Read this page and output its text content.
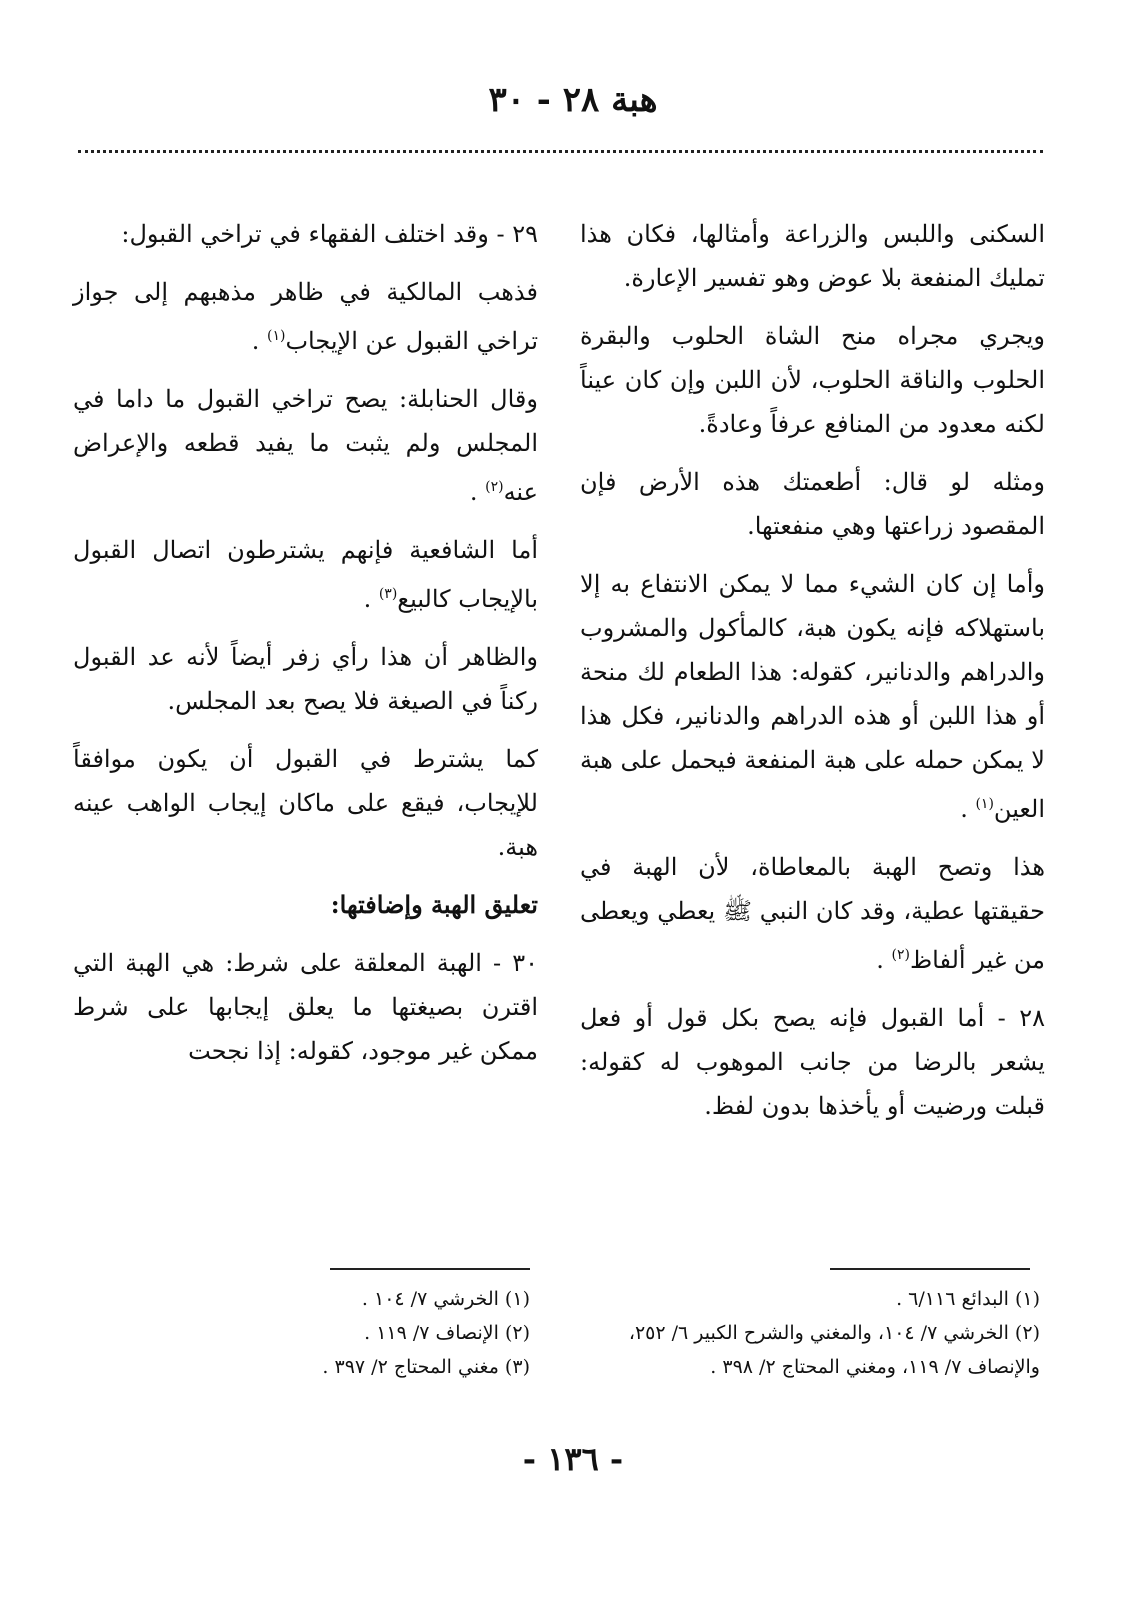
هبة ٢٨ - ٣٠

السكنى واللبس والزراعة وأمثالها، فكان هذا تمليك المنفعة بلا عوض وهو تفسير الإعارة.

ويجري مجراه منح الشاة الحلوب والبقرة الحلوب والناقة الحلوب، لأن اللبن وإن كان عيناً لكنه معدود من المنافع عرفاً وعادةً.

ومثله لو قال: أطعمتك هذه الأرض فإن المقصود زراعتها وهي منفعتها.

وأما إن كان الشيء مما لا يمكن الانتفاع به إلا باستهلاكه فإنه يكون هبة، كالمأكول والمشروب والدراهم والدنانير، كقوله: هذا الطعام لك منحة أو هذا اللبن أو هذه الدراهم والدنانير، فكل هذا لا يمكن حمله على هبة المنفعة فيحمل على هبة العين$^{(١)}$ .

هذا وتصح الهبة بالمعاطاة، لأن الهبة في حقيقتها عطية، وقد كان النبي ﷺ يعطي ويعطى من غير ألفاظ$^{(٢)}$ .

٢٨ - أما القبول فإنه يصح بكل قول أو فعل يشعر بالرضا من جانب الموهوب له كقوله: قبلت ورضيت أو يأخذها بدون لفظ.

٢٩ - وقد اختلف الفقهاء في تراخي القبول:

فذهب المالكية في ظاهر مذهبهم إلى جواز تراخي القبول عن الإيجاب$^{(١)}$ .

وقال الحنابلة: يصح تراخي القبول ما داما في المجلس ولم يثبت ما يفيد قطعه والإعراض عنه$^{(٢)}$ .

أما الشافعية فإنهم يشترطون اتصال القبول بالإيجاب كالبيع$^{(٣)}$ .

والظاهر أن هذا رأي زفر أيضاً لأنه عد القبول ركناً في الصيغة فلا يصح بعد المجلس.

كما يشترط في القبول أن يكون موافقاً للإيجاب، فيقع على ماكان إيجاب الواهب عينه هبة.

تعليق الهبة وإضافتها:

٣٠ - الهبة المعلقة على شرط: هي الهبة التي اقترن بصيغتها ما يعلق إيجابها على شرط ممكن غير موجود، كقوله: إذا نجحت

(١) البدائع ٦/١١٦ .

(٢) الخرشي ٧/ ١٠٤، والمغني والشرح الكبير ٦/ ٢٥٢، والإنصاف ٧/ ١١٩، ومغني المحتاج ٢/ ٣٩٨ .

(١) الخرشي ٧/ ١٠٤ .

(٢) الإنصاف ٧/ ١١٩ .

(٣) مغني المحتاج ٢/ ٣٩٧ .

- ١٣٦ -
